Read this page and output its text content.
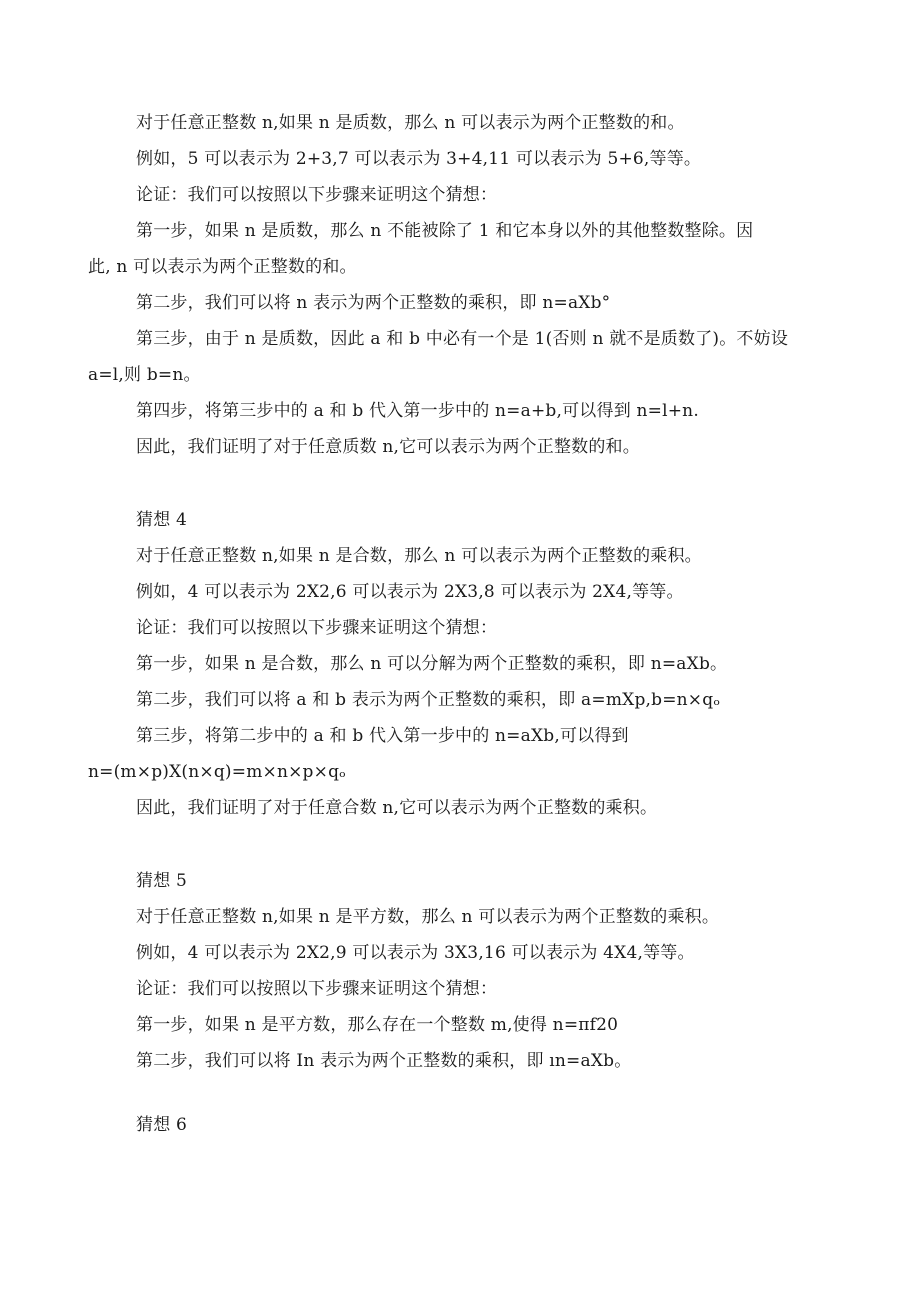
对于任意正整数 n,如果 n 是质数，那么 n 可以表示为两个正整数的和。
例如，5 可以表示为 2+3,7 可以表示为 3+4,11 可以表示为 5+6,等等。
论证：我们可以按照以下步骤来证明这个猜想：
第一步，如果 n 是质数，那么 n 不能被除了 1 和它本身以外的其他整数整除。因
此, n 可以表示为两个正整数的和。
第二步，我们可以将 n 表示为两个正整数的乘积，即 n=aXb°
第三步，由于 n 是质数，因此 a 和 b 中必有一个是 1(否则 n 就不是质数了)。不妨设
a=l,则 b=n。
第四步，将第三步中的 a 和 b 代入第一步中的 n=a+b,可以得到 n=l+n.
因此，我们证明了对于任意质数 n,它可以表示为两个正整数的和。
猜想 4
对于任意正整数 n,如果 n 是合数，那么 n 可以表示为两个正整数的乘积。
例如，4 可以表示为 2X2,6 可以表示为 2X3,8 可以表示为 2X4,等等。
论证：我们可以按照以下步骤来证明这个猜想：
第一步，如果 n 是合数，那么 n 可以分解为两个正整数的乘积，即 n=aXb。
第二步，我们可以将 a 和 b 表示为两个正整数的乘积，即 a=mXp,b=n×qₒ
第三步，将第二步中的 a 和 b 代入第一步中的 n=aXb,可以得到
n=(m×p)X(n×q)=m×n×p×qₒ
因此，我们证明了对于任意合数 n,它可以表示为两个正整数的乘积。
猜想 5
对于任意正整数 n,如果 n 是平方数，那么 n 可以表示为两个正整数的乘积。
例如，4 可以表示为 2X2,9 可以表示为 3X3,16 可以表示为 4X4,等等。
论证：我们可以按照以下步骤来证明这个猜想：
第一步，如果 n 是平方数，那么存在一个整数 m,使得 n=πf20
第二步，我们可以将 In 表示为两个正整数的乘积，即 ın=aXb。
猜想 6
